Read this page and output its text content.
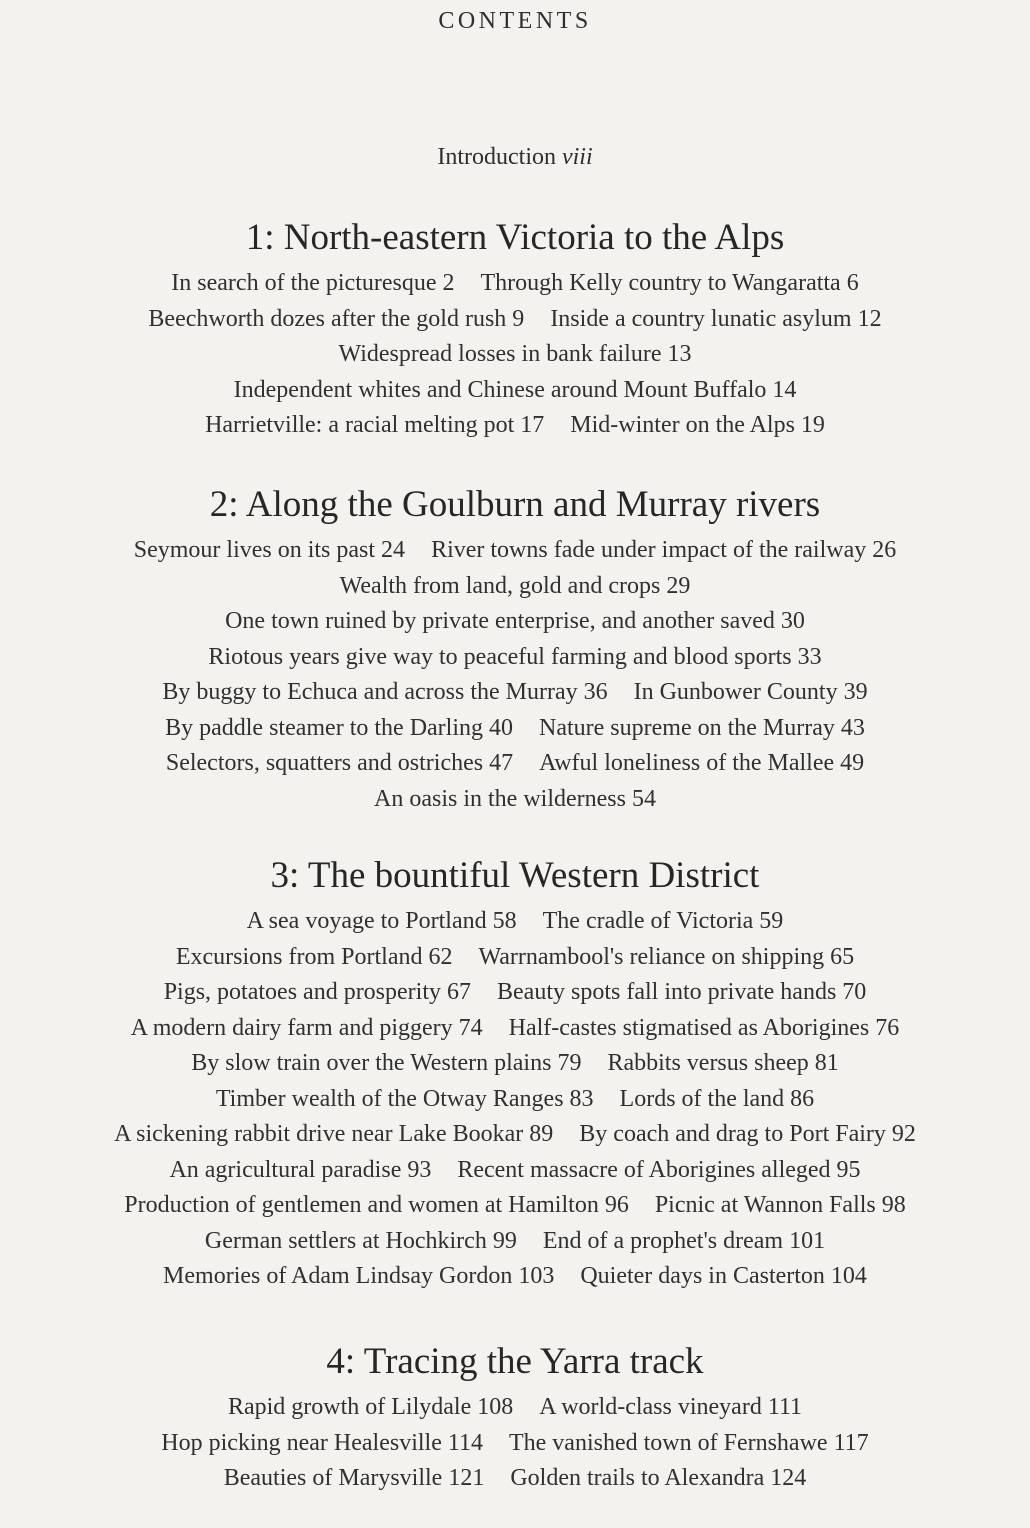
CONTENTS
Introduction viii
1: North-eastern Victoria to the Alps
In search of the picturesque 2 Through Kelly country to Wangaratta 6
Beechworth dozes after the gold rush 9 Inside a country lunatic asylum 12
Widespread losses in bank failure 13
Independent whites and Chinese around Mount Buffalo 14
Harrietville: a racial melting pot 17 Mid-winter on the Alps 19
2: Along the Goulburn and Murray rivers
Seymour lives on its past 24 River towns fade under impact of the railway 26
Wealth from land, gold and crops 29
One town ruined by private enterprise, and another saved 30
Riotous years give way to peaceful farming and blood sports 33
By buggy to Echuca and across the Murray 36 In Gunbower County 39
By paddle steamer to the Darling 40 Nature supreme on the Murray 43
Selectors, squatters and ostriches 47 Awful loneliness of the Mallee 49
An oasis in the wilderness 54
3: The bountiful Western District
A sea voyage to Portland 58 The cradle of Victoria 59
Excursions from Portland 62 Warrnambool's reliance on shipping 65
Pigs, potatoes and prosperity 67 Beauty spots fall into private hands 70
A modern dairy farm and piggery 74 Half-castes stigmatised as Aborigines 76
By slow train over the Western plains 79 Rabbits versus sheep 81
Timber wealth of the Otway Ranges 83 Lords of the land 86
A sickening rabbit drive near Lake Bookar 89 By coach and drag to Port Fairy 92
An agricultural paradise 93 Recent massacre of Aborigines alleged 95
Production of gentlemen and women at Hamilton 96 Picnic at Wannon Falls 98
German settlers at Hochkirch 99 End of a prophet's dream 101
Memories of Adam Lindsay Gordon 103 Quieter days in Casterton 104
4: Tracing the Yarra track
Rapid growth of Lilydale 108 A world-class vineyard 111
Hop picking near Healesville 114 The vanished town of Fernshawe 117
Beauties of Marysville 121 Golden trails to Alexandra 124
